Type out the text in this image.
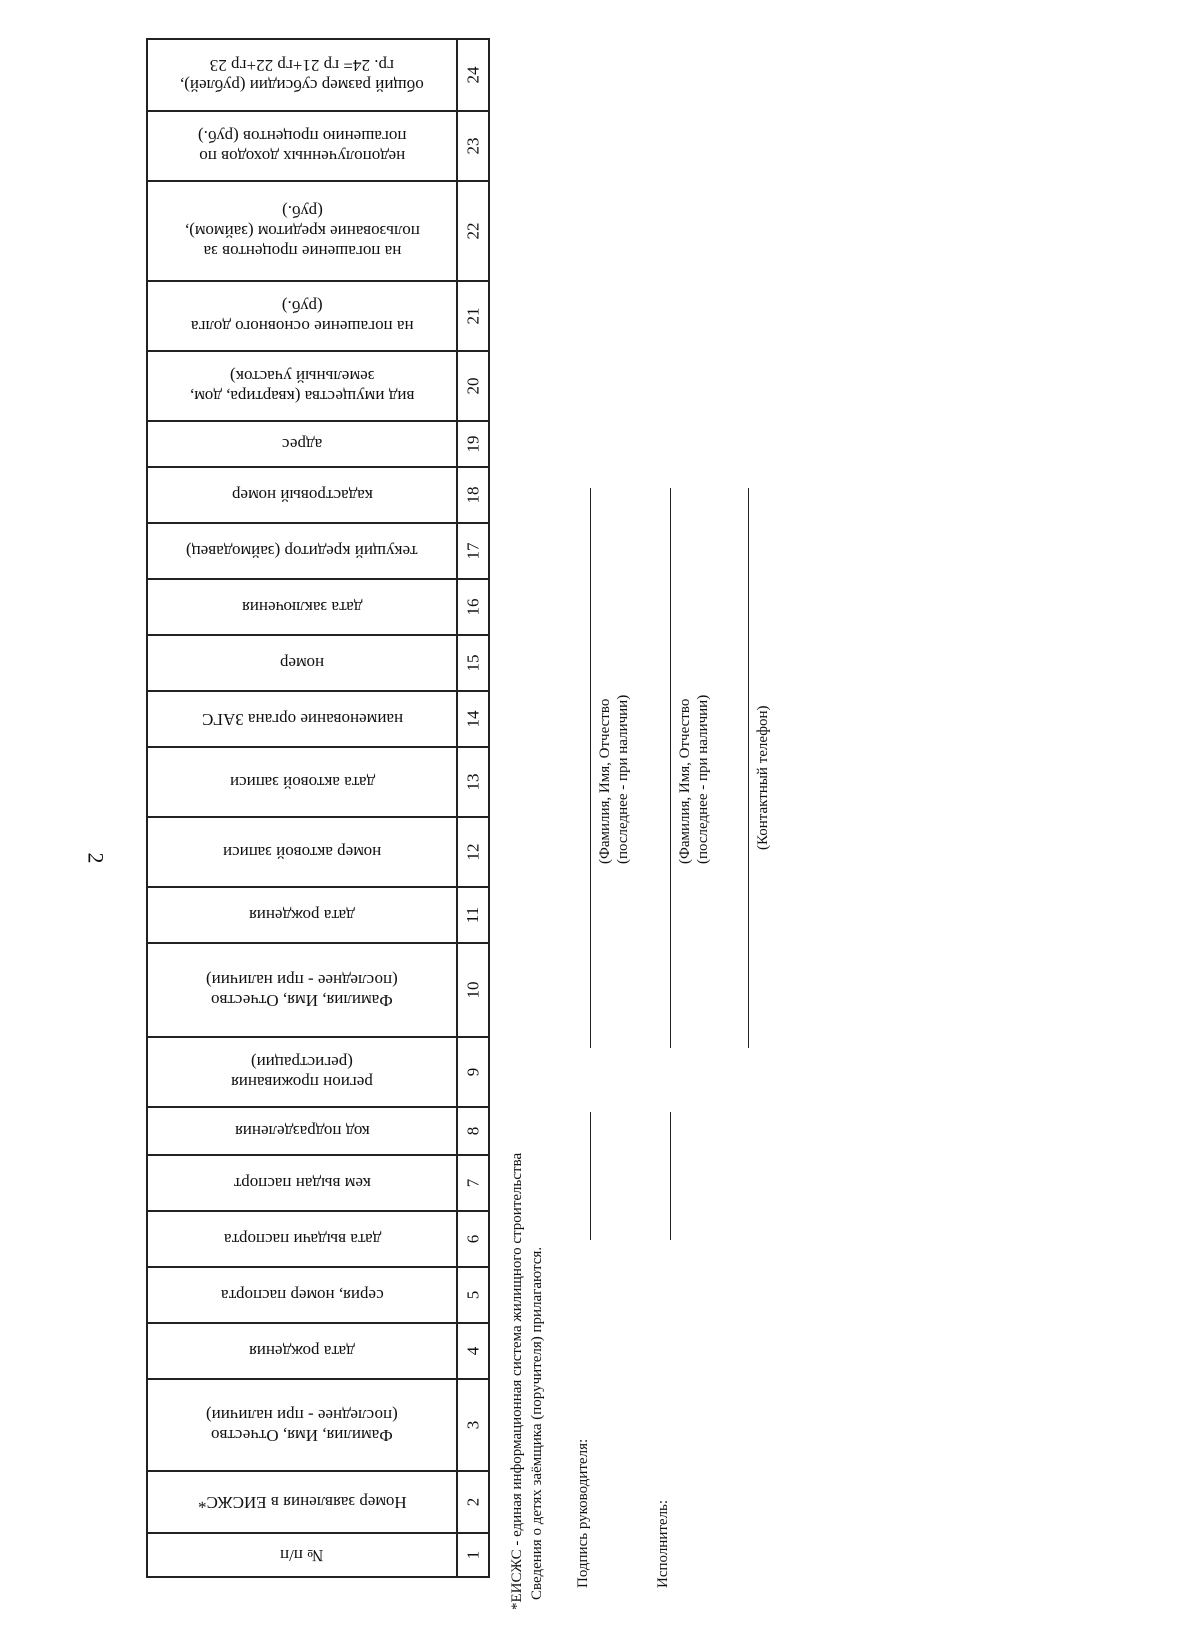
2
№ п/п	1
Номер заявления в ЕИСЖС*	2
Фамилия, Имя, Отчество
(последнее - при наличии)	3
дата рождения	4
серия, номер паспорта	5
дата выдачи паспорта	6
кем выдан паспорт	7
код подразделения	8
регион проживания
(регистрации)	9
Фамилия, Имя, Отчество
(последнее - при наличии)	10
дата рождения	11
номер актовой записи	12
дата актовой записи	13
наименование органа ЗАГС	14
номер	15
дата заключения	16
текущий кредитор (займодавец)	17
кадастровый номер	18
адрес	19
вид имущества (квартира, дом,
земельный участок)	20
на погашение основного долга
(руб.)	21
на погашение процентов за
пользование кредитом (займом),
(руб.)
22
недополученных доходов по
погашению процентов (руб.)	23
общий размер субсидии (рублей),
гр. 24= гр 21+гр 22+гр 23	24
*ЕИСЖС - единая информационная система жилищного строительства Сведения о детях заёмщика (поручителя) прилагаются. Подпись руководителя:
(Фамилия, Имя, Отчество
(последнее - при наличии)
Исполнитель:
(Фамилия, Имя, Отчество
(последнее - при наличии)	(Контактный телефон)
